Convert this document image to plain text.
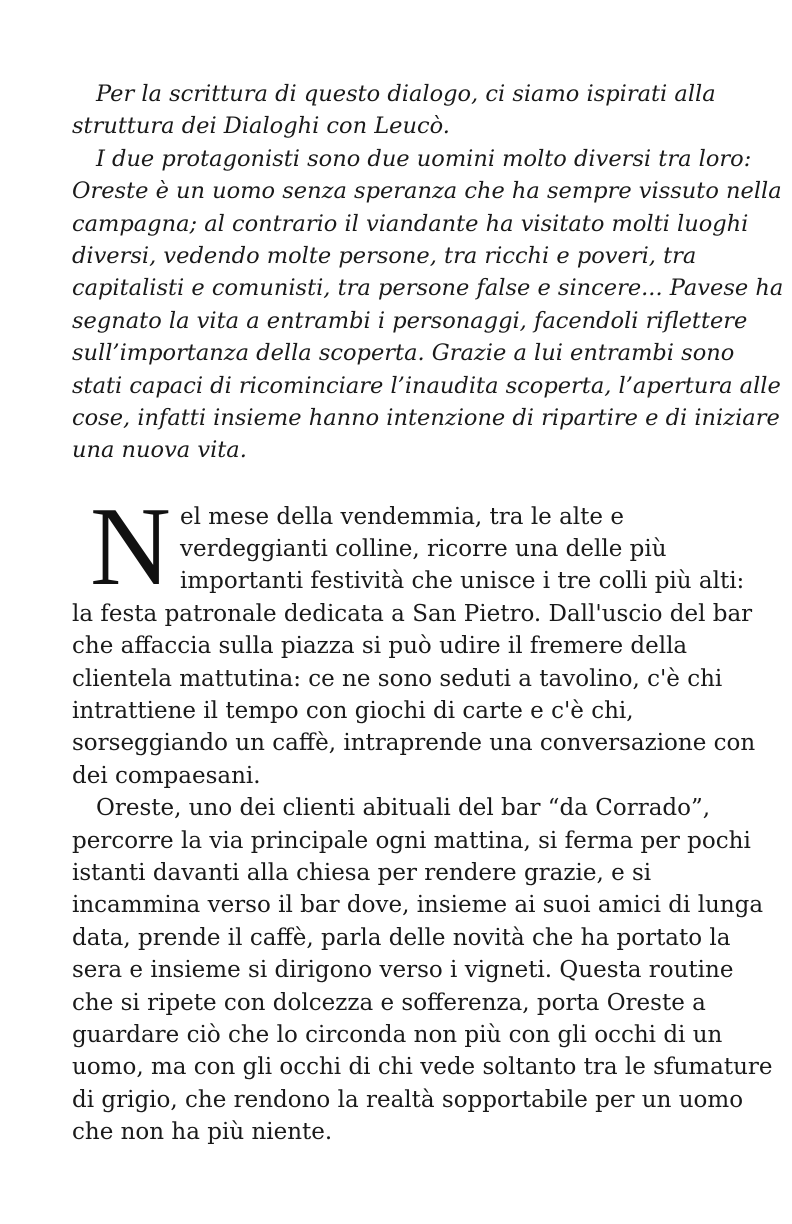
Per la scrittura di questo dialogo, ci siamo ispirati alla
struttura dei Dialoghi con Leucò.
I due protagonisti sono due uomini molto diversi tra loro:
Oreste è un uomo senza speranza che ha sempre vissuto nella
campagna; al contrario il viandante ha visitato molti luoghi
diversi, vedendo molte persone, tra ricchi e poveri, tra
capitalisti e comunisti, tra persone false e sincere... Pavese ha
segnato la vita a entrambi i personaggi, facendoli riflettere
sull’importanza della scoperta. Grazie a lui entrambi sono
stati capaci di ricominciare l’inaudita scoperta, l’apertura alle
cose, infatti insieme hanno intenzione di ripartire e di iniziare
una nuova vita.
N el mese della vendemmia, tra le alte e
verdeggianti colline, ricorre una delle più
importanti festività che unisce i tre colli più alti:
la festa patronale dedicata a San Pietro. Dall'uscio del bar
che affaccia sulla piazza si può udire il fremere della
clientela mattutina: ce ne sono seduti a tavolino, c'è chi
intrattiene il tempo con giochi di carte e c'è chi,
sorseggiando un caffè, intraprende una conversazione con
dei compaesani.
Oreste, uno dei clienti abituali del bar “da Corrado”,
percorre la via principale ogni mattina, si ferma per pochi
istanti davanti alla chiesa per rendere grazie, e si
incammina verso il bar dove, insieme ai suoi amici di lunga
data, prende il caffè, parla delle novità che ha portato la
sera e insieme si dirigono verso i vigneti. Questa routine
che si ripete con dolcezza e sofferenza, porta Oreste a
guardare ciò che lo circonda non più con gli occhi di un
uomo, ma con gli occhi di chi vede soltanto tra le sfumature
di grigio, che rendono la realtà sopportabile per un uomo
che non ha più niente.
